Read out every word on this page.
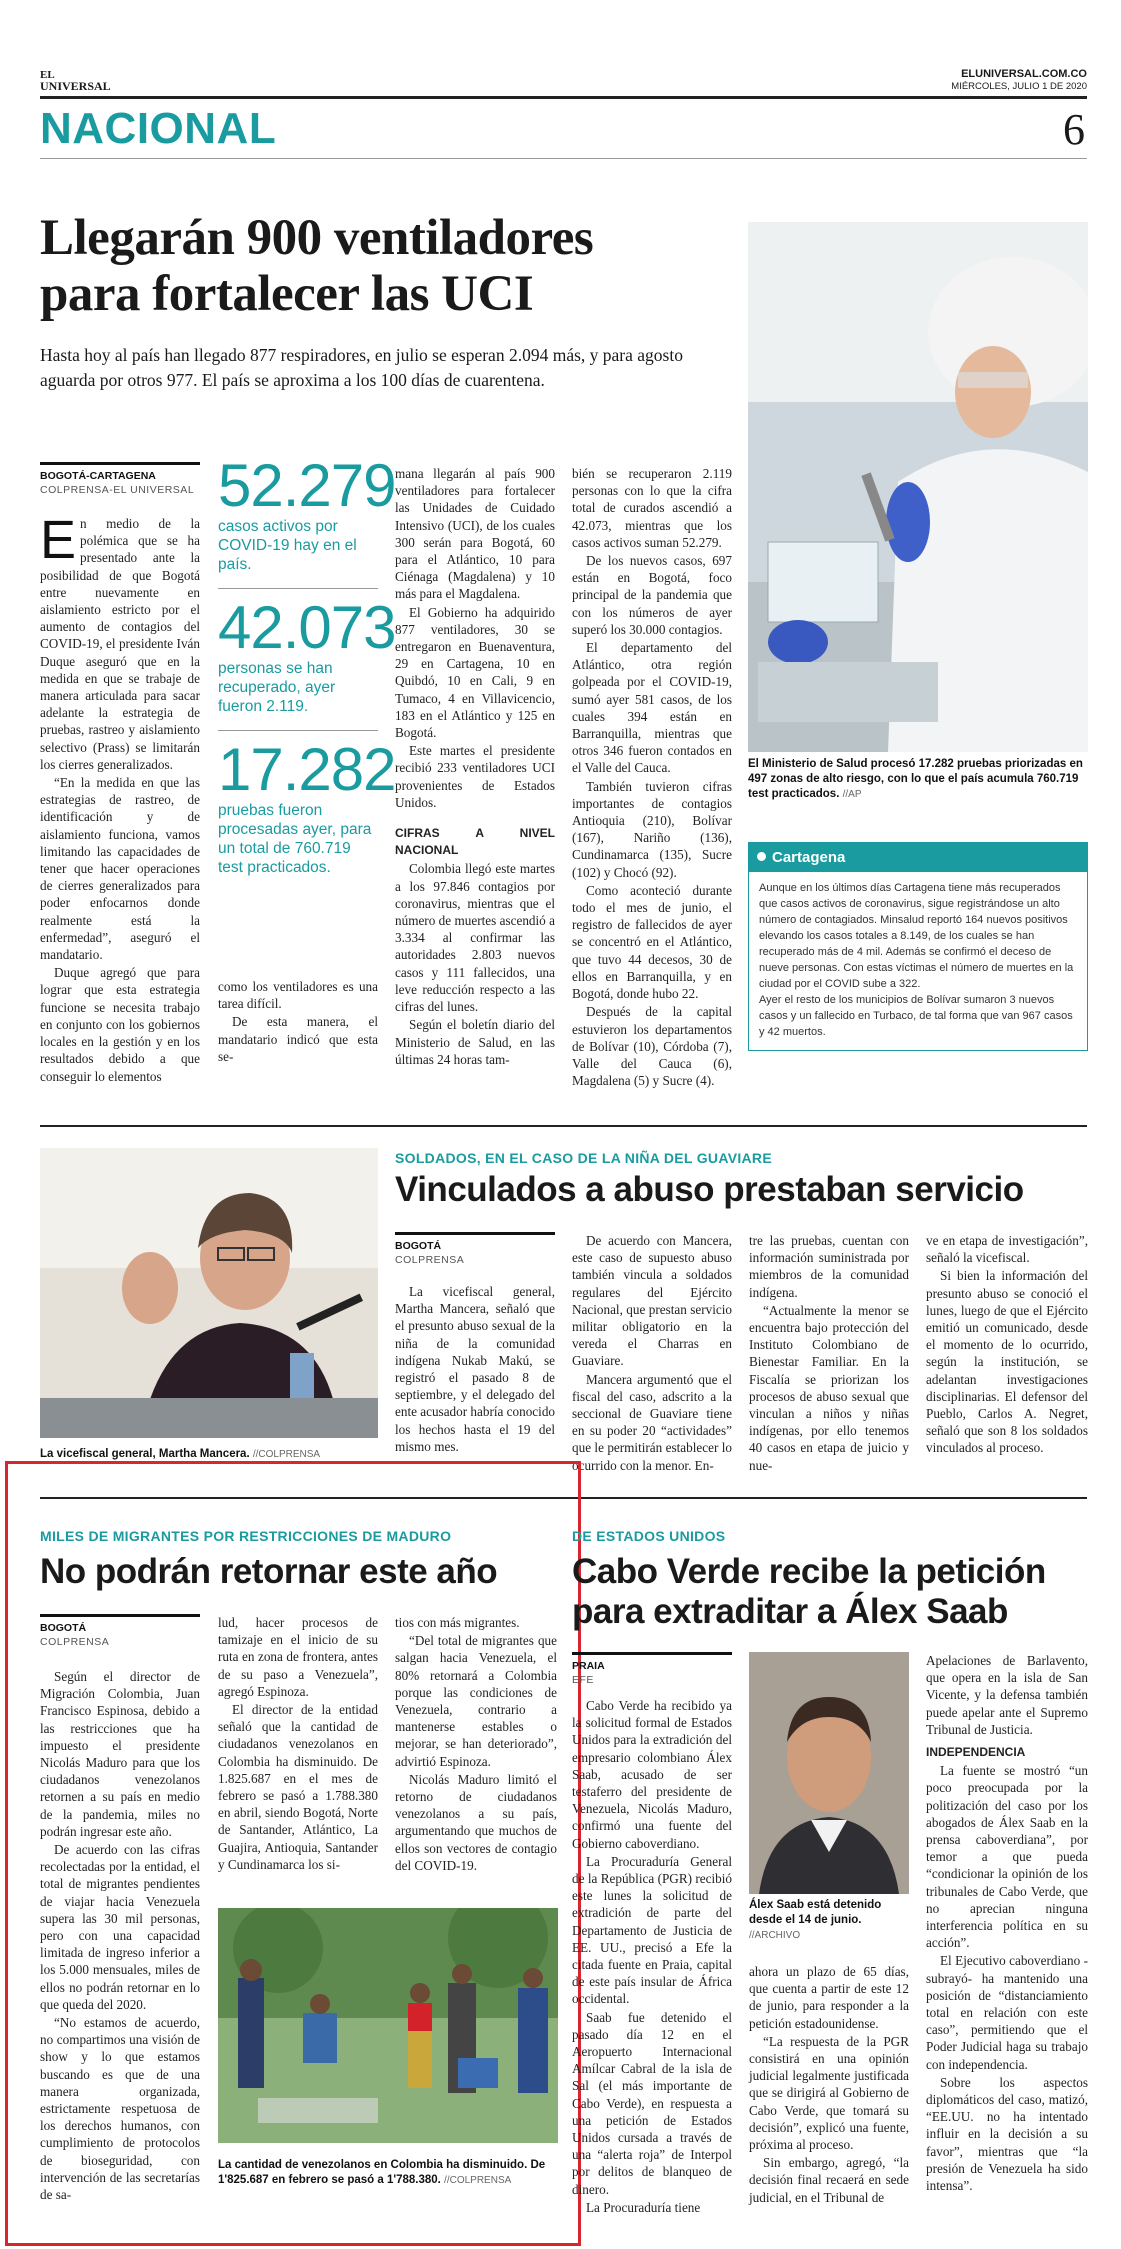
EL
UNIVERSAL
ELUNIVERSAL.COM.CO
MIÉRCOLES, JULIO 1 DE 2020
NACIONAL	6
Llegarán 900 ventiladores
para fortalecer las UCI
Hasta hoy al país han llegado 877 respiradores, en julio se esperan 2.094 más, y para agosto aguarda por otros 977. El país se aproxima a los 100 días de cuarentena.
BOGOTÁ-CARTAGENA
COLPRENSA-EL UNIVERSAL

En medio de la polémica que se ha presentado ante la posibilidad de que Bogotá entre nuevamente en aislamiento estricto por el aumento de contagios del COVID-19, el presidente Iván Duque aseguró que en la medida en que se trabaje de manera articulada para sacar adelante la estrategia de pruebas, rastreo y aislamiento selectivo (Prass) se limitarán los cierres generalizados.

“En la medida en que las estrategias de rastreo, de identificación y de aislamiento funciona, vamos limitando las capacidades de tener que hacer operaciones de cierres generalizados para poder enfocarnos donde realmente está la enfermedad”, aseguró el mandatario.

Duque agregó que para lograr que esta estrategia funcione se necesita trabajo en conjunto con los gobiernos locales en la gestión y en los resultados debido a que conseguir lo elementos

52.279
casos activos por COVID-19 hay en el país.
42.073
personas se han recuperado, ayer fueron 2.119.
17.282
pruebas fueron procesadas ayer, para un total de 760.719 test practicados.

como los ventiladores es una tarea difícil.

De esta manera, el mandatario indicó que esta se-

mana llegarán al país 900 ventiladores para fortalecer las Unidades de Cuidado Intensivo (UCI), de los cuales 300 serán para Bogotá, 60 para el Atlántico, 10 para Ciénaga (Magdalena) y 10 más para el Magdalena.

El Gobierno ha adquirido 877 ventiladores, 30 se entregaron en Buenaventura, 29 en Cartagena, 10 en Quibdó, 10 en Cali, 9 en Tumaco, 4 en Villavicencio, 183 en el Atlántico y 125 en Bogotá.

Este martes el presidente recibió 233 ventiladores UCI provenientes de Estados Unidos.

CIFRAS A NIVEL NACIONAL

Colombia llegó este martes a los 97.846 contagios por coronavirus, mientras que el número de muertes ascendió a 3.334 al confirmar las autoridades 2.803 nuevos casos y 111 fallecidos, una leve reducción respecto a las cifras del lunes.

Según el boletín diario del Ministerio de Salud, en las últimas 24 horas tam-

bién se recuperaron 2.119 personas con lo que la cifra total de curados ascendió a 42.073, mientras que los casos activos suman 52.279.

De los nuevos casos, 697 están en Bogotá, foco principal de la pandemia que con los números de ayer superó los 30.000 contagios.

El departamento del Atlántico, otra región golpeada por el COVID-19, sumó ayer 581 casos, de los cuales 394 están en Barranquilla, mientras que otros 346 fueron contados en el Valle del Cauca.

También tuvieron cifras importantes de contagios Antioquia (210), Bolívar (167), Nariño (136), Cundinamarca (135), Sucre (102) y Chocó (92).

Como aconteció durante todo el mes de junio, el registro de fallecidos de ayer se concentró en el Atlántico, que tuvo 44 decesos, 30 de ellos en Barranquilla, y en Bogotá, donde hubo 22.

Después de la capital estuvieron los departamentos de Bolívar (10), Córdoba (7), Valle del Cauca (6), Magdalena (5) y Sucre (4).

El Ministerio de Salud procesó 17.282 pruebas priorizadas en 497 zonas de alto riesgo, con lo que el país acumula 760.719 test practicados. //AP
Cartagena

Aunque en los últimos días Cartagena tiene más recuperados que casos activos de coronavirus, sigue registrándose un alto número de contagiados. Minsalud reportó 164 nuevos positivos elevando los casos totales a 8.149, de los cuales se han recuperado más de 4 mil. Además se confirmó el deceso de nueve personas. Con estas víctimas el número de muertes en la ciudad por el COVID sube a 322.

Ayer el resto de los municipios de Bolívar sumaron 3 nuevos casos y un fallecido en Turbaco, de tal forma que van 967 casos y 42 muertos.

La vicefiscal general, Martha Mancera. //COLPRENSA
SOLDADOS, EN EL CASO DE LA NIÑA DEL GUAVIARE
Vinculados a abuso prestaban servicio
BOGOTÁ
COLPRENSA

La vicefiscal general, Martha Mancera, señaló que el presunto abuso sexual de la niña de la comunidad indígena Nukab Makú, se registró el pasado 8 de septiembre, y el delegado del ente acusador habría conocido los hechos hasta el 19 del mismo mes.

De acuerdo con Mancera, este caso de supuesto abuso también vincula a soldados regulares del Ejército Nacional, que prestan servicio militar obligatorio en la vereda el Charras en Guaviare.

Mancera argumentó que el fiscal del caso, adscrito a la seccional de Guaviare tiene en su poder 20 “actividades” que le permitirán establecer lo ocurrido con la menor. En-

tre las pruebas, cuentan con información suministrada por miembros de la comunidad indígena.

“Actualmente la menor se encuentra bajo protección del Instituto Colombiano de Bienestar Familiar. En la Fiscalía se priorizan los procesos de abuso sexual que vinculan a niños y niñas indígenas, por ello tenemos 40 casos en etapa de juicio y nue-

ve en etapa de investigación”, señaló la vicefiscal.

Si bien la información del presunto abuso se conoció el lunes, luego de que el Ejército emitió un comunicado, desde el momento de lo ocurrido, según la institución, se adelantan investigaciones disciplinarias. El defensor del Pueblo, Carlos A. Negret, señaló que son 8 los soldados vinculados al proceso.

MILES DE MIGRANTES POR RESTRICCIONES DE MADURO
No podrán retornar este año
BOGOTÁ
COLPRENSA

Según el director de Migración Colombia, Juan Francisco Espinosa, debido a las restricciones que ha impuesto el presidente Nicolás Maduro para que los ciudadanos venezolanos retornen a su país en medio de la pandemia, miles no podrán ingresar este año.

De acuerdo con las cifras recolectadas por la entidad, el total de migrantes pendientes de viajar hacia Venezuela supera las 30 mil personas, pero con una capacidad limitada de ingreso inferior a los 5.000 mensuales, miles de ellos no podrán retornar en lo que queda del 2020.

“No estamos de acuerdo, no compartimos una visión de show y lo que estamos buscando es que de una manera organizada, estrictamente respetuosa de los derechos humanos, con cumplimiento de protocolos de bioseguridad, con intervención de las secretarías de sa-

lud, hacer procesos de tamizaje en el inicio de su ruta en zona de frontera, antes de su paso a Venezuela”, agregó Espinoza.

El director de la entidad señaló que la cantidad de ciudadanos venezolanos en Colombia ha disminuido. De 1.825.687 en el mes de febrero se pasó a 1.788.380 en abril, siendo Bogotá, Norte de Santander, Atlántico, La Guajira, Antioquia, Santander y Cundinamarca los si-

tios con más migrantes.

“Del total de migrantes que salgan hacia Venezuela, el 80% retornará a Colombia porque las condiciones de Venezuela, contrario a mantenerse estables o mejorar, se han deteriorado”, advirtió Espinoza.

Nicolás Maduro limitó el retorno de ciudadanos venezolanos a su país, argumentando que muchos de ellos son vectores de contagio del COVID-19.

La cantidad de venezolanos en Colombia ha disminuido. De 1'825.687 en febrero se pasó a 1'788.380. //COLPRENSA
DE ESTADOS UNIDOS
Cabo Verde recibe la petición
para extraditar a Álex Saab
PRAIA
EFE

Cabo Verde ha recibido ya la solicitud formal de Estados Unidos para la extradición del empresario colombiano Álex Saab, acusado de ser testaferro del presidente de Venezuela, Nicolás Maduro, confirmó una fuente del Gobierno caboverdiano.

La Procuraduría General de la República (PGR) recibió este lunes la solicitud de extradición de parte del Departamento de Justicia de EE. UU., precisó a Efe la citada fuente en Praia, capital de este país insular de África occidental.

Saab fue detenido el pasado día 12 en el Aeropuerto Internacional Amílcar Cabral de la isla de Sal (el más importante de Cabo Verde), en respuesta a una petición de Estados Unidos cursada a través de una “alerta roja” de Interpol por delitos de blanqueo de dinero.

La Procuraduría tiene

Álex Saab está detenido desde el 14 de junio. //ARCHIVO

ahora un plazo de 65 días, que cuenta a partir de este 12 de junio, para responder a la petición estadounidense.

“La respuesta de la PGR consistirá en una opinión judicial legalmente justificada que se dirigirá al Gobierno de Cabo Verde, que tomará su decisión”, explicó una fuente, próxima al proceso.

Sin embargo, agregó, “la decisión final recaerá en sede judicial, en el Tribunal de

Apelaciones de Barlavento, que opera en la isla de San Vicente, y la defensa también puede apelar ante el Supremo Tribunal de Justicia.

INDEPENDENCIA

La fuente se mostró “un poco preocupada por la politización del caso por los abogados de Álex Saab en la prensa caboverdiana”, por temor a que pueda “condicionar la opinión de los tribunales de Cabo Verde, que no aprecian ninguna interferencia política en su acción”.

El Ejecutivo caboverdiano -subrayó- ha mantenido una posición de “distanciamiento total en relación con este caso”, permitiendo que el Poder Judicial haga su trabajo con independencia.

Sobre los aspectos diplomáticos del caso, matizó, “EE.UU. no ha intentado influir en la decisión a su favor”, mientras que “la presión de Venezuela ha sido intensa”.
